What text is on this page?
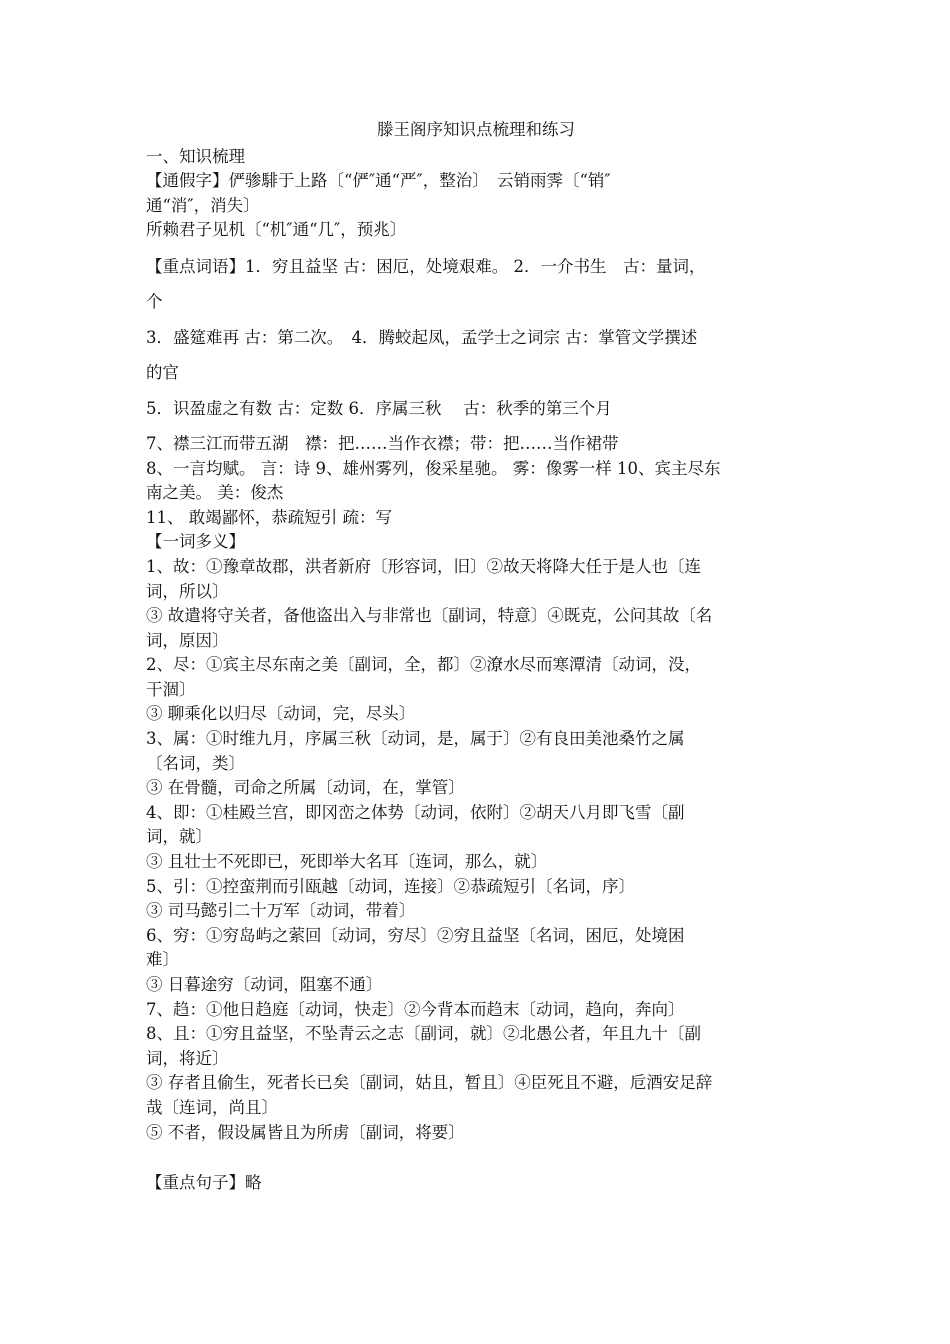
滕王阁序知识点梳理和练习
一、知识梳理
【通假字】俨骖騑于上路〔“俨″通“严″，整治〕　云销雨霁〔“销″
通“消″，消失〕
所赖君子见机〔“机″通“几″，预兆〕
【重点词语】1．穷且益坚 古：困厄，处境艰难。 2．一介书生　古：量词，
个
3．盛筵难再 古：第二次。　4．腾蛟起凤，孟学士之词宗 古：掌管文学撰述
的官
5．识盈虚之有数 古：定数 6．序属三秋　 古：秋季的第三个月
7、襟三江而带五湖　襟：把……当作衣襟；带：把……当作裙带
8、一言均赋。 言：诗 9、雄州雾列，俊采星驰。 雾：像雾一样 10、宾主尽东
南之美。 美：俊杰
11、 敢竭鄙怀，恭疏短引 疏：写
【一词多义】
1、故：①豫章故郡，洪者新府〔形容词，旧〕②故天将降大任于是人也〔连
词，所以〕
③ 故遣将守关者，备他盗出入与非常也〔副词，特意〕④既克，公问其故〔名
词，原因〕
2、尽：①宾主尽东南之美〔副词，全，都〕②潦水尽而寒潭清〔动词，没，
干涸〕
③ 聊乘化以归尽〔动词，完，尽头〕
3、属：①时维九月，序属三秋〔动词，是，属于〕②有良田美池桑竹之属
〔名词，类〕
③ 在骨髓，司命之所属〔动词，在，掌管〕
4、即：①桂殿兰宫，即冈峦之体势〔动词，依附〕②胡天八月即飞雪〔副
词，就〕
③ 且壮士不死即已，死即举大名耳〔连词，那么，就〕
5、引：①控蛮荆而引瓯越〔动词，连接〕②恭疏短引〔名词，序〕
③ 司马懿引二十万军〔动词，带着〕
6、穷：①穷岛屿之萦回〔动词，穷尽〕②穷且益坚〔名词，困厄，处境困
难〕
③ 日暮途穷〔动词，阻塞不通〕
7、趋：①他日趋庭〔动词，快走〕②今背本而趋末〔动词，趋向，奔向〕
8、且：①穷且益坚，不坠青云之志〔副词，就〕②北愚公者，年且九十〔副
词，将近〕
③ 存者且偷生，死者长已矣〔副词，姑且，暂且〕④臣死且不避，卮酒安足辞
哉〔连词，尚且〕
⑤ 不者，假设属皆且为所虏〔副词，将要〕
【重点句子】略
